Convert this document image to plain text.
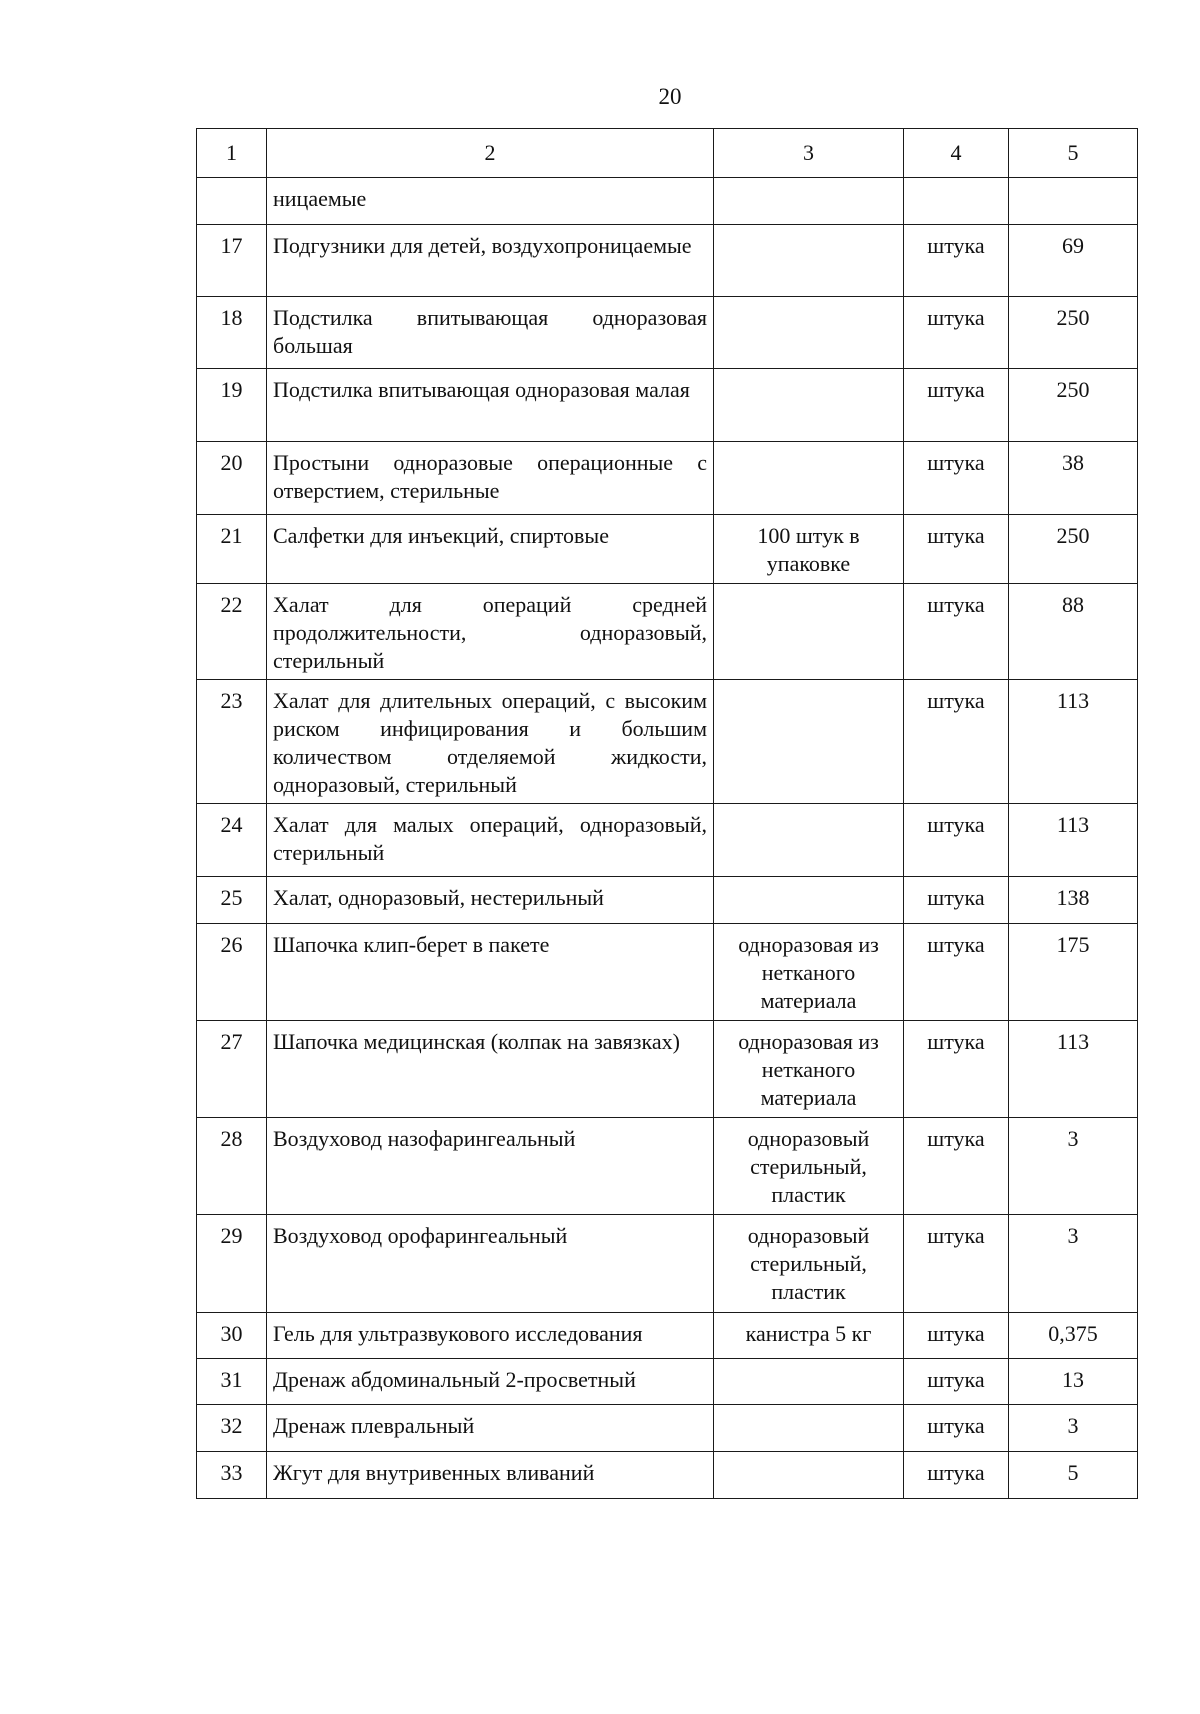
20
1	2	3	4	5
	ницаемые			
17	Подгузники для детей, воздухопроницаемые		штука	69
18	Подстилка впитывающая одноразовая большая		штука	250
19	Подстилка впитывающая одноразовая малая		штука	250
20	Простыни одноразовые операционные с отверстием, стерильные		штука	38
21	Салфетки для инъекций, спиртовые	100 штук в упаковке	штука	250
22	Халат для операций средней продолжительности, одноразовый, стерильный		штука	88
23	Халат для длительных операций, с высоким риском инфицирования и большим количеством отделяемой жидкости, одноразовый, стерильный		штука	113
24	Халат для малых операций, одноразовый, стерильный		штука	113
25	Халат, одноразовый, нестерильный		штука	138
26	Шапочка клип-берет в пакете	одноразовая из нетканого материала	штука	175
27	Шапочка медицинская (колпак на завязках)	одноразовая из нетканого материала	штука	113
28	Воздуховод назофарингеальный	одноразовый стерильный, пластик	штука	3
29	Воздуховод орофарингеальный	одноразовый стерильный, пластик	штука	3
30	Гель для ультразвукового исследования	канистра 5 кг	штука	0,375
31	Дренаж абдоминальный 2-просветный		штука	13
32	Дренаж плевральный		штука	3
33	Жгут для внутривенных вливаний		штука	5
